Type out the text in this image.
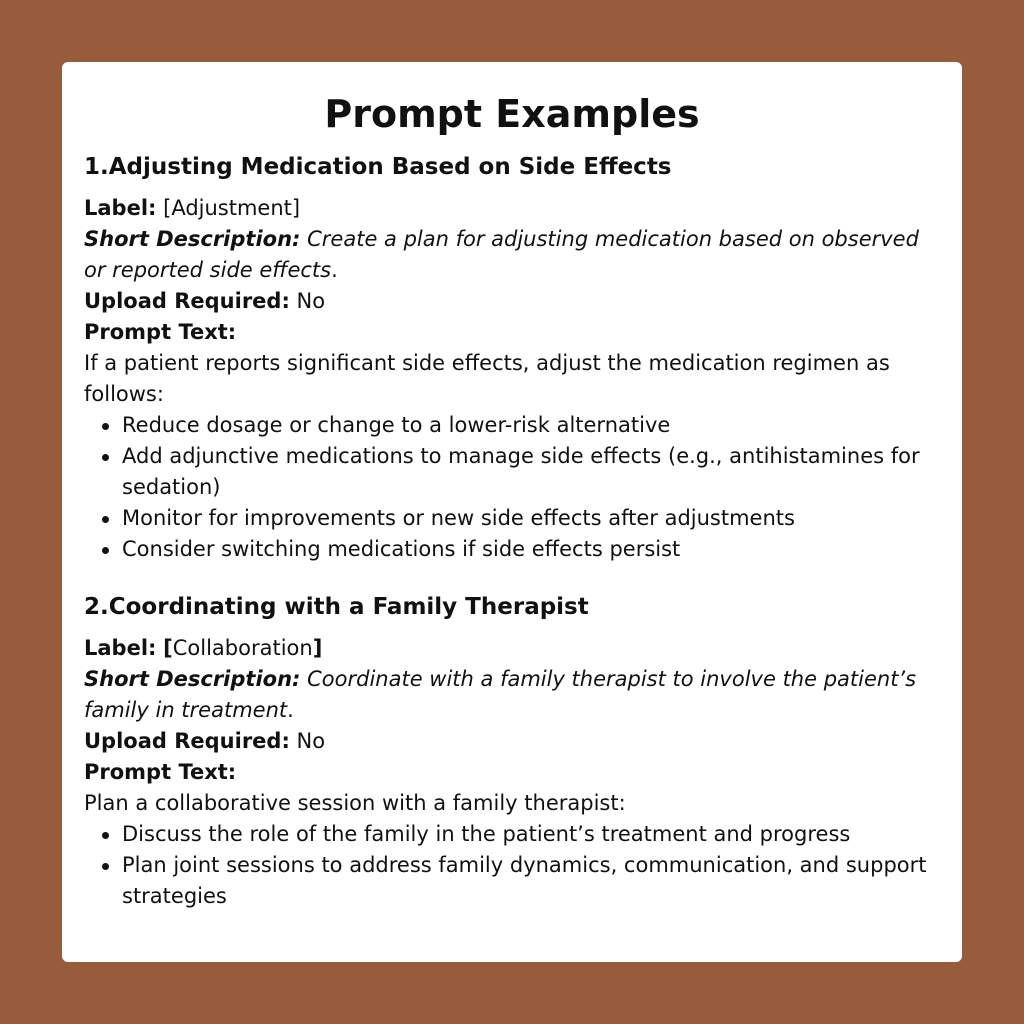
Prompt Examples
1.Adjusting Medication Based on Side Effects
Label: [Adjustment]
Short Description: Create a plan for adjusting medication based on observed or reported side effects.
Upload Required: No
Prompt Text:
If a patient reports significant side effects, adjust the medication regimen as follows:
Reduce dosage or change to a lower-risk alternative
Add adjunctive medications to manage side effects (e.g., antihistamines for sedation)
Monitor for improvements or new side effects after adjustments
Consider switching medications if side effects persist
2.Coordinating with a Family Therapist
Label: [Collaboration]
Short Description: Coordinate with a family therapist to involve the patient’s family in treatment.
Upload Required: No
Prompt Text:
Plan a collaborative session with a family therapist:
Discuss the role of the family in the patient’s treatment and progress
Plan joint sessions to address family dynamics, communication, and support strategies
